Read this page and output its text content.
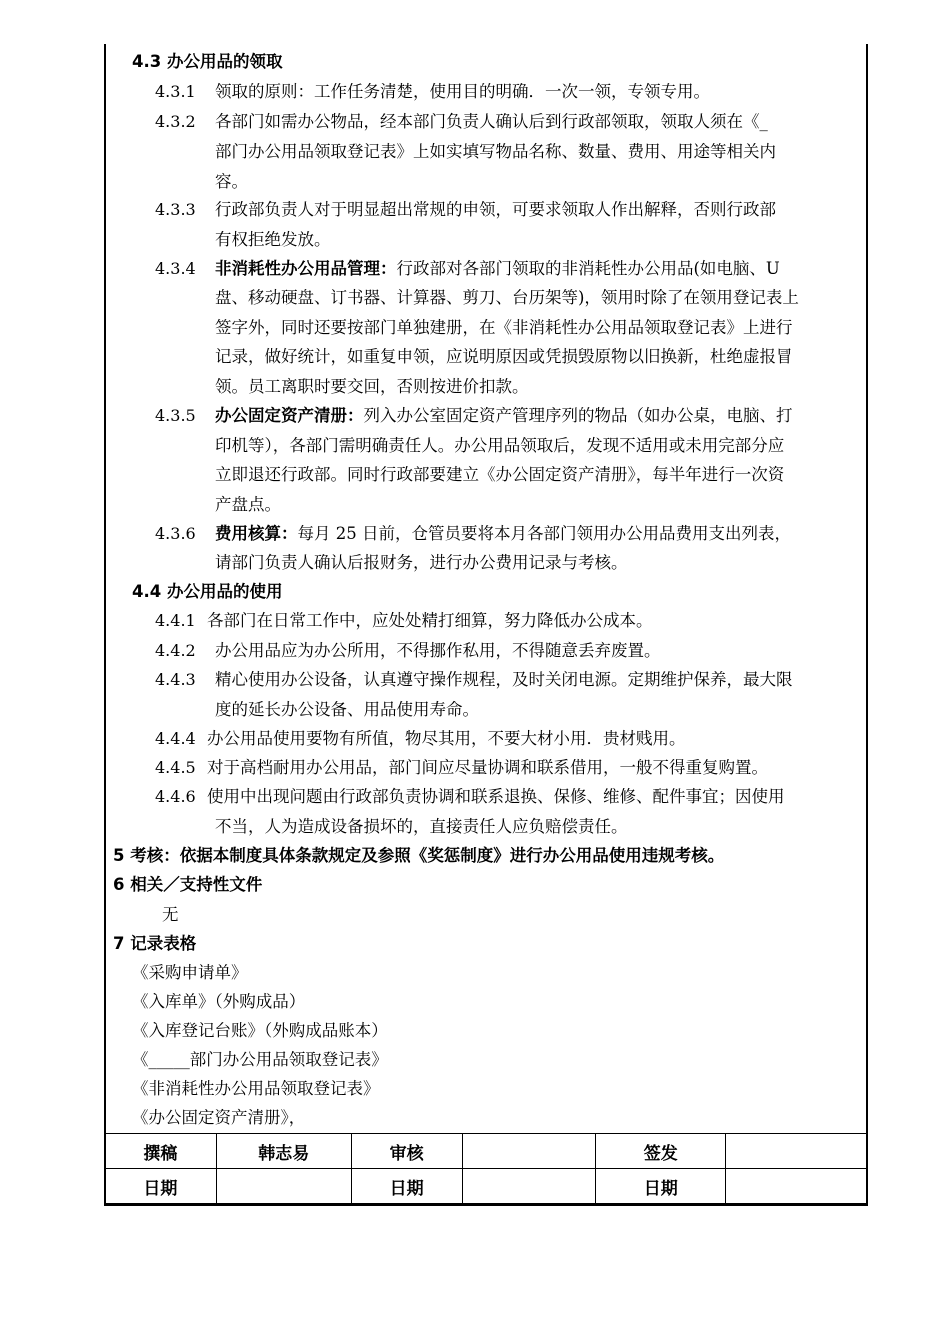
4.3 办公用品的领取
4.3.1 领取的原则：工作任务清楚，使用目的明确．一次一领，专领专用。
4.3.2 各部门如需办公物品，经本部门负责人确认后到行政部领取，领取人须在《_
部门办公用品领取登记表》上如实填写物品名称、数量、费用、用途等相关内
容。
4.3.3 行政部负责人对于明显超出常规的申领，可要求领取人作出解释，否则行政部
有权拒绝发放。
4.3.4 非消耗性办公用品管理：行政部对各部门领取的非消耗性办公用品(如电脑、U
盘、移动硬盘、订书器、计算器、剪刀、台历架等)，领用时除了在领用登记表上
签字外，同时还要按部门单独建册，在《非消耗性办公用品领取登记表》上进行
记录，做好统计，如重复申领，应说明原因或凭损毁原物以旧换新，杜绝虚报冒
领。员工离职时要交回，否则按进价扣款。
4.3.5 办公固定资产清册：列入办公室固定资产管理序列的物品（如办公桌，电脑、打
印机等），各部门需明确责任人。办公用品领取后，发现不适用或未用完部分应
立即退还行政部。同时行政部要建立《办公固定资产清册》，每半年进行一次资
产盘点。
4.3.6 费用核算：每月 25 日前，仓管员要将本月各部门领用办公用品费用支出列表，
请部门负责人确认后报财务，进行办公费用记录与考核。
4.4 办公用品的使用
4.4.1 各部门在日常工作中，应处处精打细算，努力降低办公成本。
4.4.2 办公用品应为办公所用，不得挪作私用，不得随意丢弃废置。
4.4.3 精心使用办公设备，认真遵守操作规程，及时关闭电源。定期维护保养，最大限
度的延长办公设备、用品使用寿命。
4.4.4 办公用品使用要物有所值，物尽其用，不要大材小用．贵材贱用。
4.4.5 对于高档耐用办公用品，部门间应尽量协调和联系借用，一般不得重复购置。
4.4.6 使用中出现问题由行政部负责协调和联系退换、保修、维修、配件事宜；因使用
不当，人为造成设备损坏的，直接责任人应负赔偿责任。
5 考核：依据本制度具体条款规定及参照《奖惩制度》进行办公用品使用违规考核。
6 相关／支持性文件
无
7 记录表格
《采购申请单》
《入库单》（外购成品）
《入库登记台账》（外购成品账本）
《_____部门办公用品领取登记表》
《非消耗性办公用品领取登记表》
《办公固定资产清册》，
撰稿	韩志易	审核		签发	
日期		日期		日期	
